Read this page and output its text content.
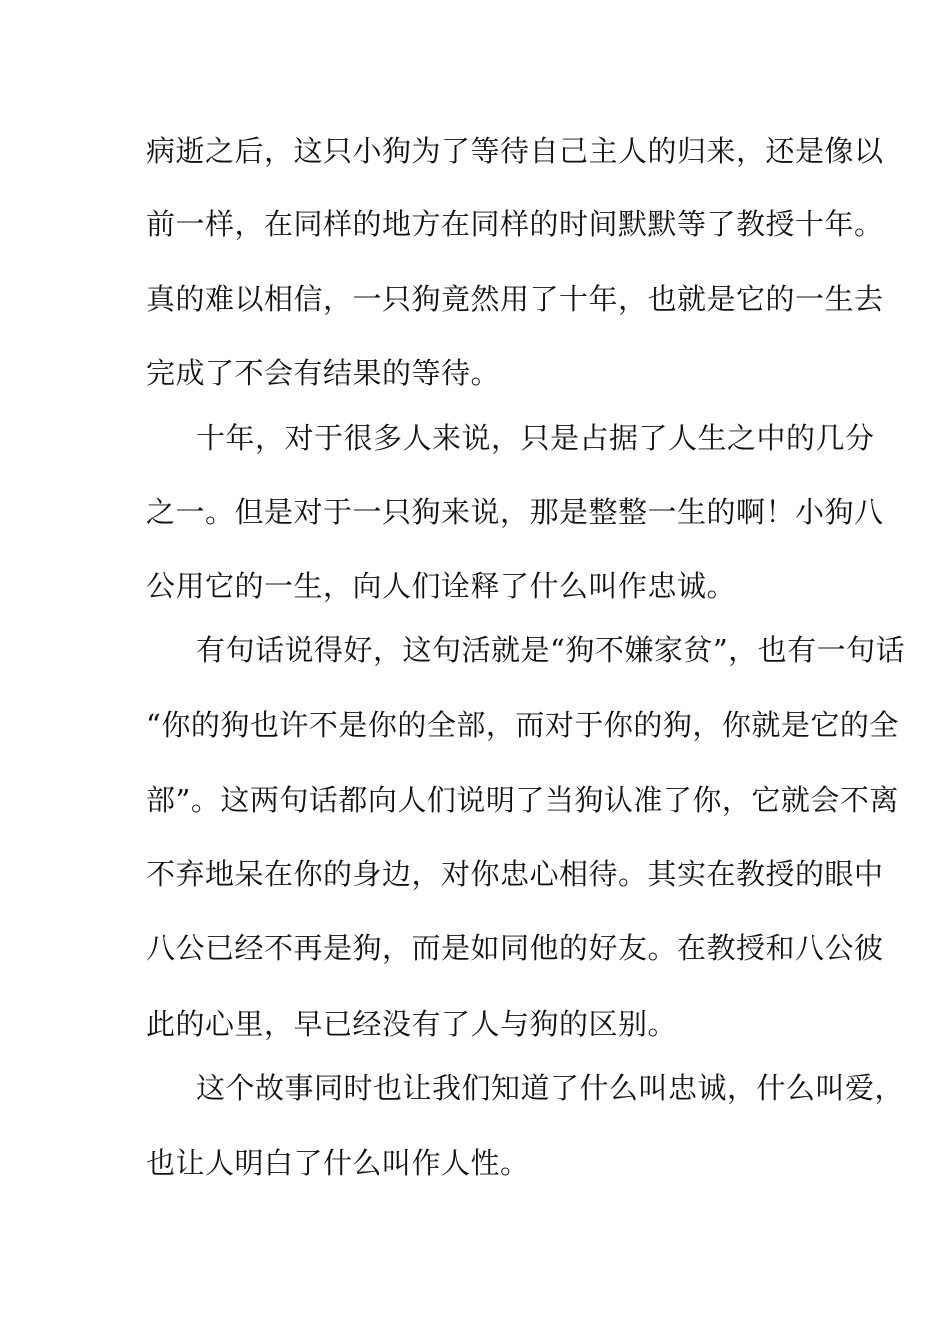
病逝之后，这只小狗为了等待自己主人的归来，还是像以
前一样，在同样的地方在同样的时间默默等了教授十年。
真的难以相信，一只狗竟然用了十年，也就是它的一生去
完成了不会有结果的等待。
十年，对于很多人来说，只是占据了人生之中的几分
之一。但是对于一只狗来说，那是整整一生的啊！小狗八
公用它的一生，向人们诠释了什么叫作忠诚。
有句话说得好，这句活就是“狗不嫌家贫”，也有一句话
“你的狗也许不是你的全部，而对于你的狗，你就是它的全
部”。这两句话都向人们说明了当狗认准了你，它就会不离
不弃地呆在你的身边，对你忠心相待。其实在教授的眼中
八公已经不再是狗，而是如同他的好友。在教授和八公彼
此的心里，早已经没有了人与狗的区别。
这个故事同时也让我们知道了什么叫忠诚，什么叫爱，
也让人明白了什么叫作人性。
